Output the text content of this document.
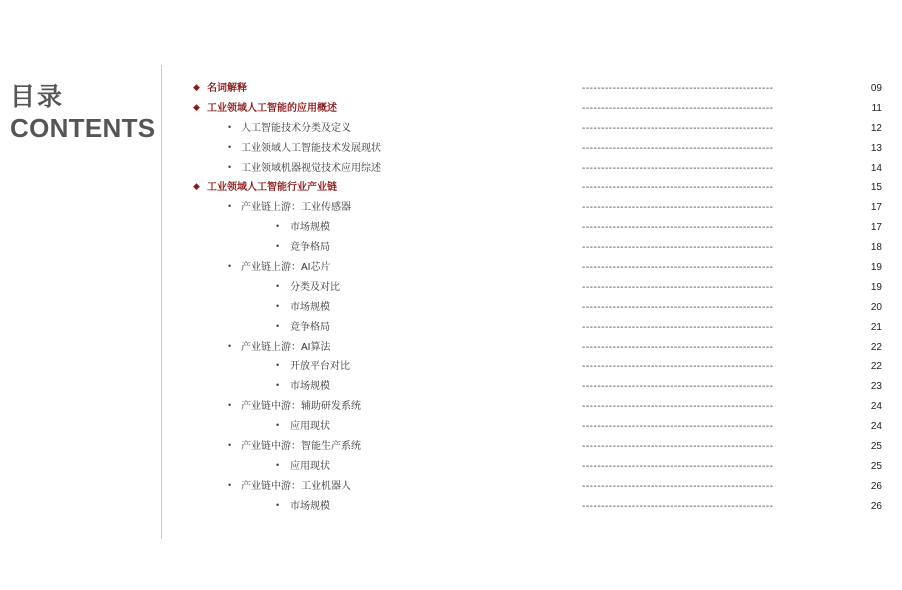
目录
CONTENTS
◆ 名词解释	--------------------------------------------------	09
◆ 工业领域人工智能的应用概述	--------------------------------------------------	11
• 人工智能技术分类及定义	--------------------------------------------------	12
• 工业领域人工智能技术发展现状	--------------------------------------------------	13
• 工业领域机器视觉技术应用综述	--------------------------------------------------	14
◆ 工业领域人工智能行业产业链	--------------------------------------------------	15
• 产业链上游：工业传感器	--------------------------------------------------	17
• 市场规模	--------------------------------------------------	17
• 竞争格局	--------------------------------------------------	18
• 产业链上游：AI芯片	--------------------------------------------------	19
• 分类及对比	--------------------------------------------------	19
• 市场规模	--------------------------------------------------	20
• 竞争格局	--------------------------------------------------	21
• 产业链上游：AI算法	--------------------------------------------------	22
• 开放平台对比	--------------------------------------------------	22
• 市场规模	--------------------------------------------------	23
• 产业链中游：辅助研发系统	--------------------------------------------------	24
• 应用现状	--------------------------------------------------	24
• 产业链中游：智能生产系统	--------------------------------------------------	25
• 应用现状	--------------------------------------------------	25
• 产业链中游：工业机器人	--------------------------------------------------	26
• 市场规模	--------------------------------------------------	26
